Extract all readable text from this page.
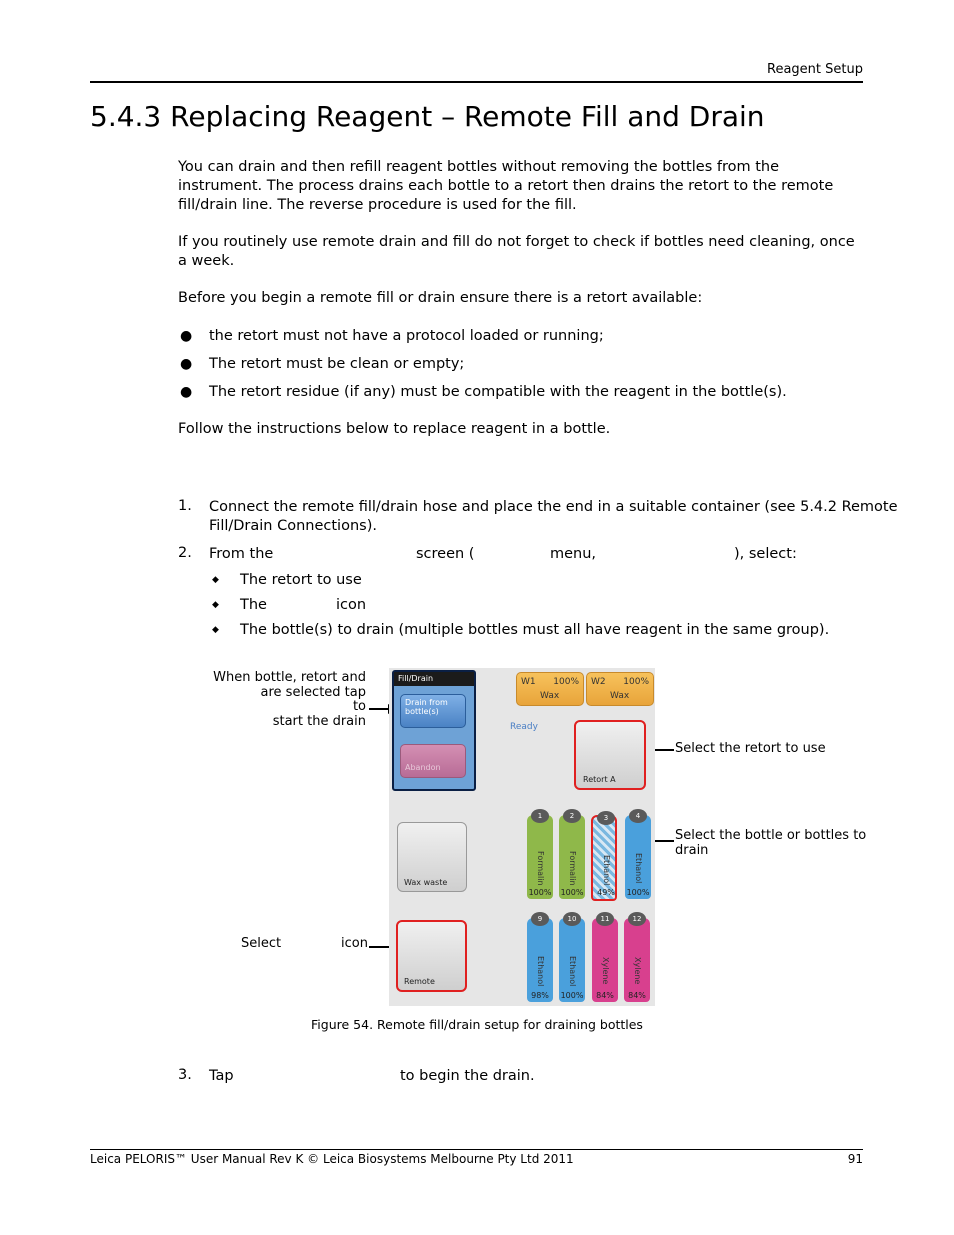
Reagent Setup
5.4.3 Replacing Reagent – Remote Fill and Drain
You can drain and then refill reagent bottles without removing the bottles from the instrument. The process drains each bottle to a retort then drains the retort to the remote fill/drain line. The reverse procedure is used for the fill.
If you routinely use remote drain and fill do not forget to check if bottles need cleaning, once a week.
Before you begin a remote fill or drain ensure there is a retort available:
● the retort must not have a protocol loaded or running;
● The retort must be clean or empty;
● The retort residue (if any) must be compatible with the reagent in the bottle(s).
Follow the instructions below to replace reagent in a bottle.
1. Connect the remote fill/drain hose and place the end in a suitable container (see 5.4.2 Remote
Fill/Drain Connections).
2. From the	screen (	menu,	), select:
◆ The retort to use
◆ The	icon
◆ The bottle(s) to drain (multiple bottles must all have reagent in the same group).
When bottle, retort and
are selected tap
to
start the drain
Select	icon
Select the retort to use
Select the bottle or bottles to
drain
Fill/Drain
Drain from
bottle(s)
Abandon
W1 100%
Wax
W2 100%
Wax
Ready
Retort A
Wax waste
Remote
1
Formalin
100%
2
Formalin
100%
3
Ethanol
49%
4
Ethanol
100%
9
Ethanol
98%
10
Ethanol
100%
11
Xylene
84%
12
Xylene
84%
Figure 54. Remote fill/drain setup for draining bottles
3. Tap	to begin the drain.
Leica PELORIS™ User Manual Rev K © Leica Biosystems Melbourne Pty Ltd 2011	91
